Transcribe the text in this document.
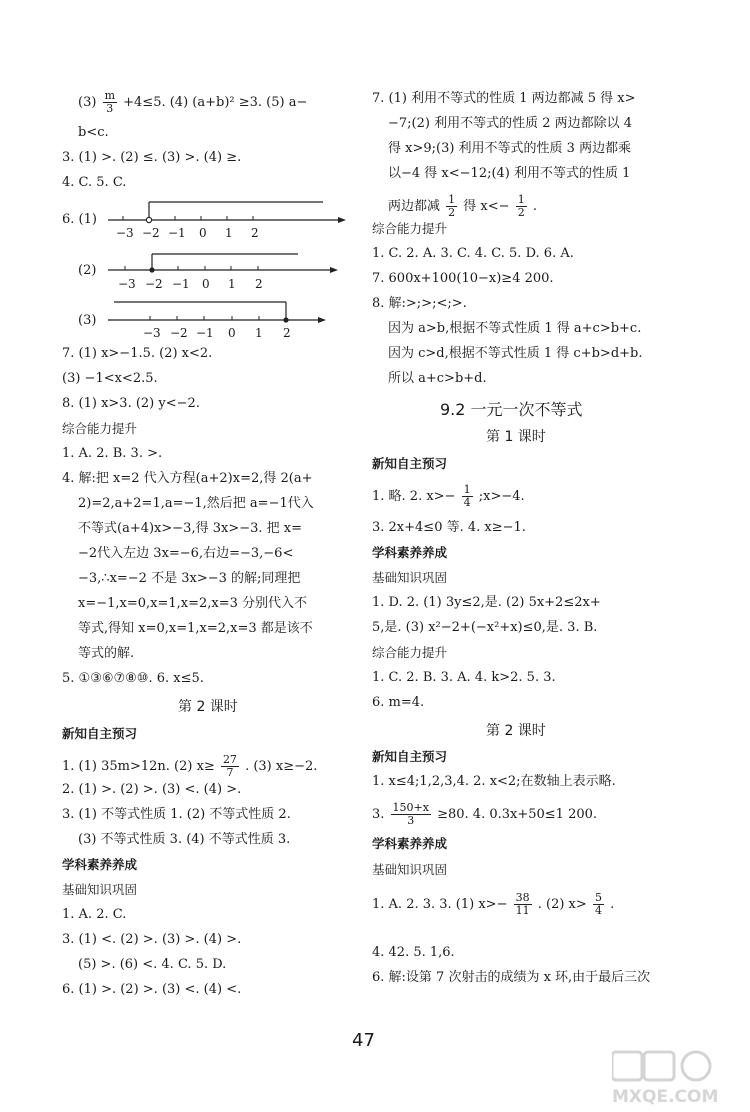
$(3) \frac{m}{3} +4\le 5$. (4) (a+b)² ≥3. (5) a−
b<c.
3. (1) >. (2) ≤. (3) >. (4) ≥.
4. C. 5. C.
6. (1)
−3 −2 −1 0 1 2
(2)
−3 −2 −1 0 1 2
(3)
−3 −2 −1 0 1 2
7. (1) x>−1.5. (2) x<2.
(3) −1<x<2.5.
8. (1) x>3. (2) y<−2.
综合能力提升
1. A. 2. B. 3. >.
4. 解:把 x=2 代入方程(a+2)x=2,得 2(a+
2)=2,a+2=1,a=−1,然后把 a=−1代入
不等式(a+4)x>−3,得 3x>−3. 把 x=
−2代入左边 3x=−6,右边=−3,−6<
−3,∴x=−2 不是 3x>−3 的解;同理把
x=−1,x=0,x=1,x=2,x=3 分别代入不
等式,得知 x=0,x=1,x=2,x=3 都是该不
等式的解.
5. ①③⑥⑦⑧⑩. 6. x≤5.
第 2 课时
新知自主预习
1. (1) 35m>12n. (2) $x\ge \frac{27}{7}$ . (3) x≥−2.
2. (1) >. (2) >. (3) <. (4) >.
3. (1) 不等式性质 1. (2) 不等式性质 2.
(3) 不等式性质 3. (4) 不等式性质 3.
学科素养养成
基础知识巩固
1. A. 2. C.
3. (1) <. (2) >. (3) >. (4) >.
(5) >. (6) <. 4. C. 5. D.
6. (1) >. (2) >. (3) <. (4) <.
7. (1) 利用不等式的性质 1 两边都减 5 得 x>
−7;(2) 利用不等式的性质 2 两边都除以 4
得 x>9;(3) 利用不等式的性质 3 两边都乘
以−4 得 x<−12;(4) 利用不等式的性质 1
两边都减 $\frac{1}{2}$ 得 $x<- \frac{1}{2}$ .
综合能力提升
1. C. 2. A. 3. C. 4. C. 5. D. 6. A.
7. 600x+100(10−x)≥4 200.
8. 解:>;>;<;>.
因为 a>b,根据不等式性质 1 得 a+c>b+c.
因为 c>d,根据不等式性质 1 得 c+b>d+b.
所以 a+c>b+d.
9.2 一元一次不等式
第 1 课时
新知自主预习
1. 略. 2. $x>- \frac{1}{4}$ ;x>−4.
3. 2x+4≤0 等. 4. x≥−1.
学科素养养成
基础知识巩固
1. D. 2. (1) 3y≤2,是. (2) 5x+2≤2x+
5,是. (3) x²−2+(−x²+x)≤0,是. 3. B.
综合能力提升
1. C. 2. B. 3. A. 4. k>2. 5. 3.
6. m=4.
第 2 课时
新知自主预习
1. x≤4;1,2,3,4. 2. x<2;在数轴上表示略.
3. $\frac{150+x}{3} \ge 80$. 4. 0.3x+50≤1 200.
学科素养养成
基础知识巩固
1. A. 2. 3. 3. (1) $x>- \frac{38}{11}$ . (2) $x> \frac{5}{4}$ .
4. 42. 5. 1,6.
6. 解:设第 7 次射击的成绩为 x 环,由于最后三次
47
MXQE.COM
